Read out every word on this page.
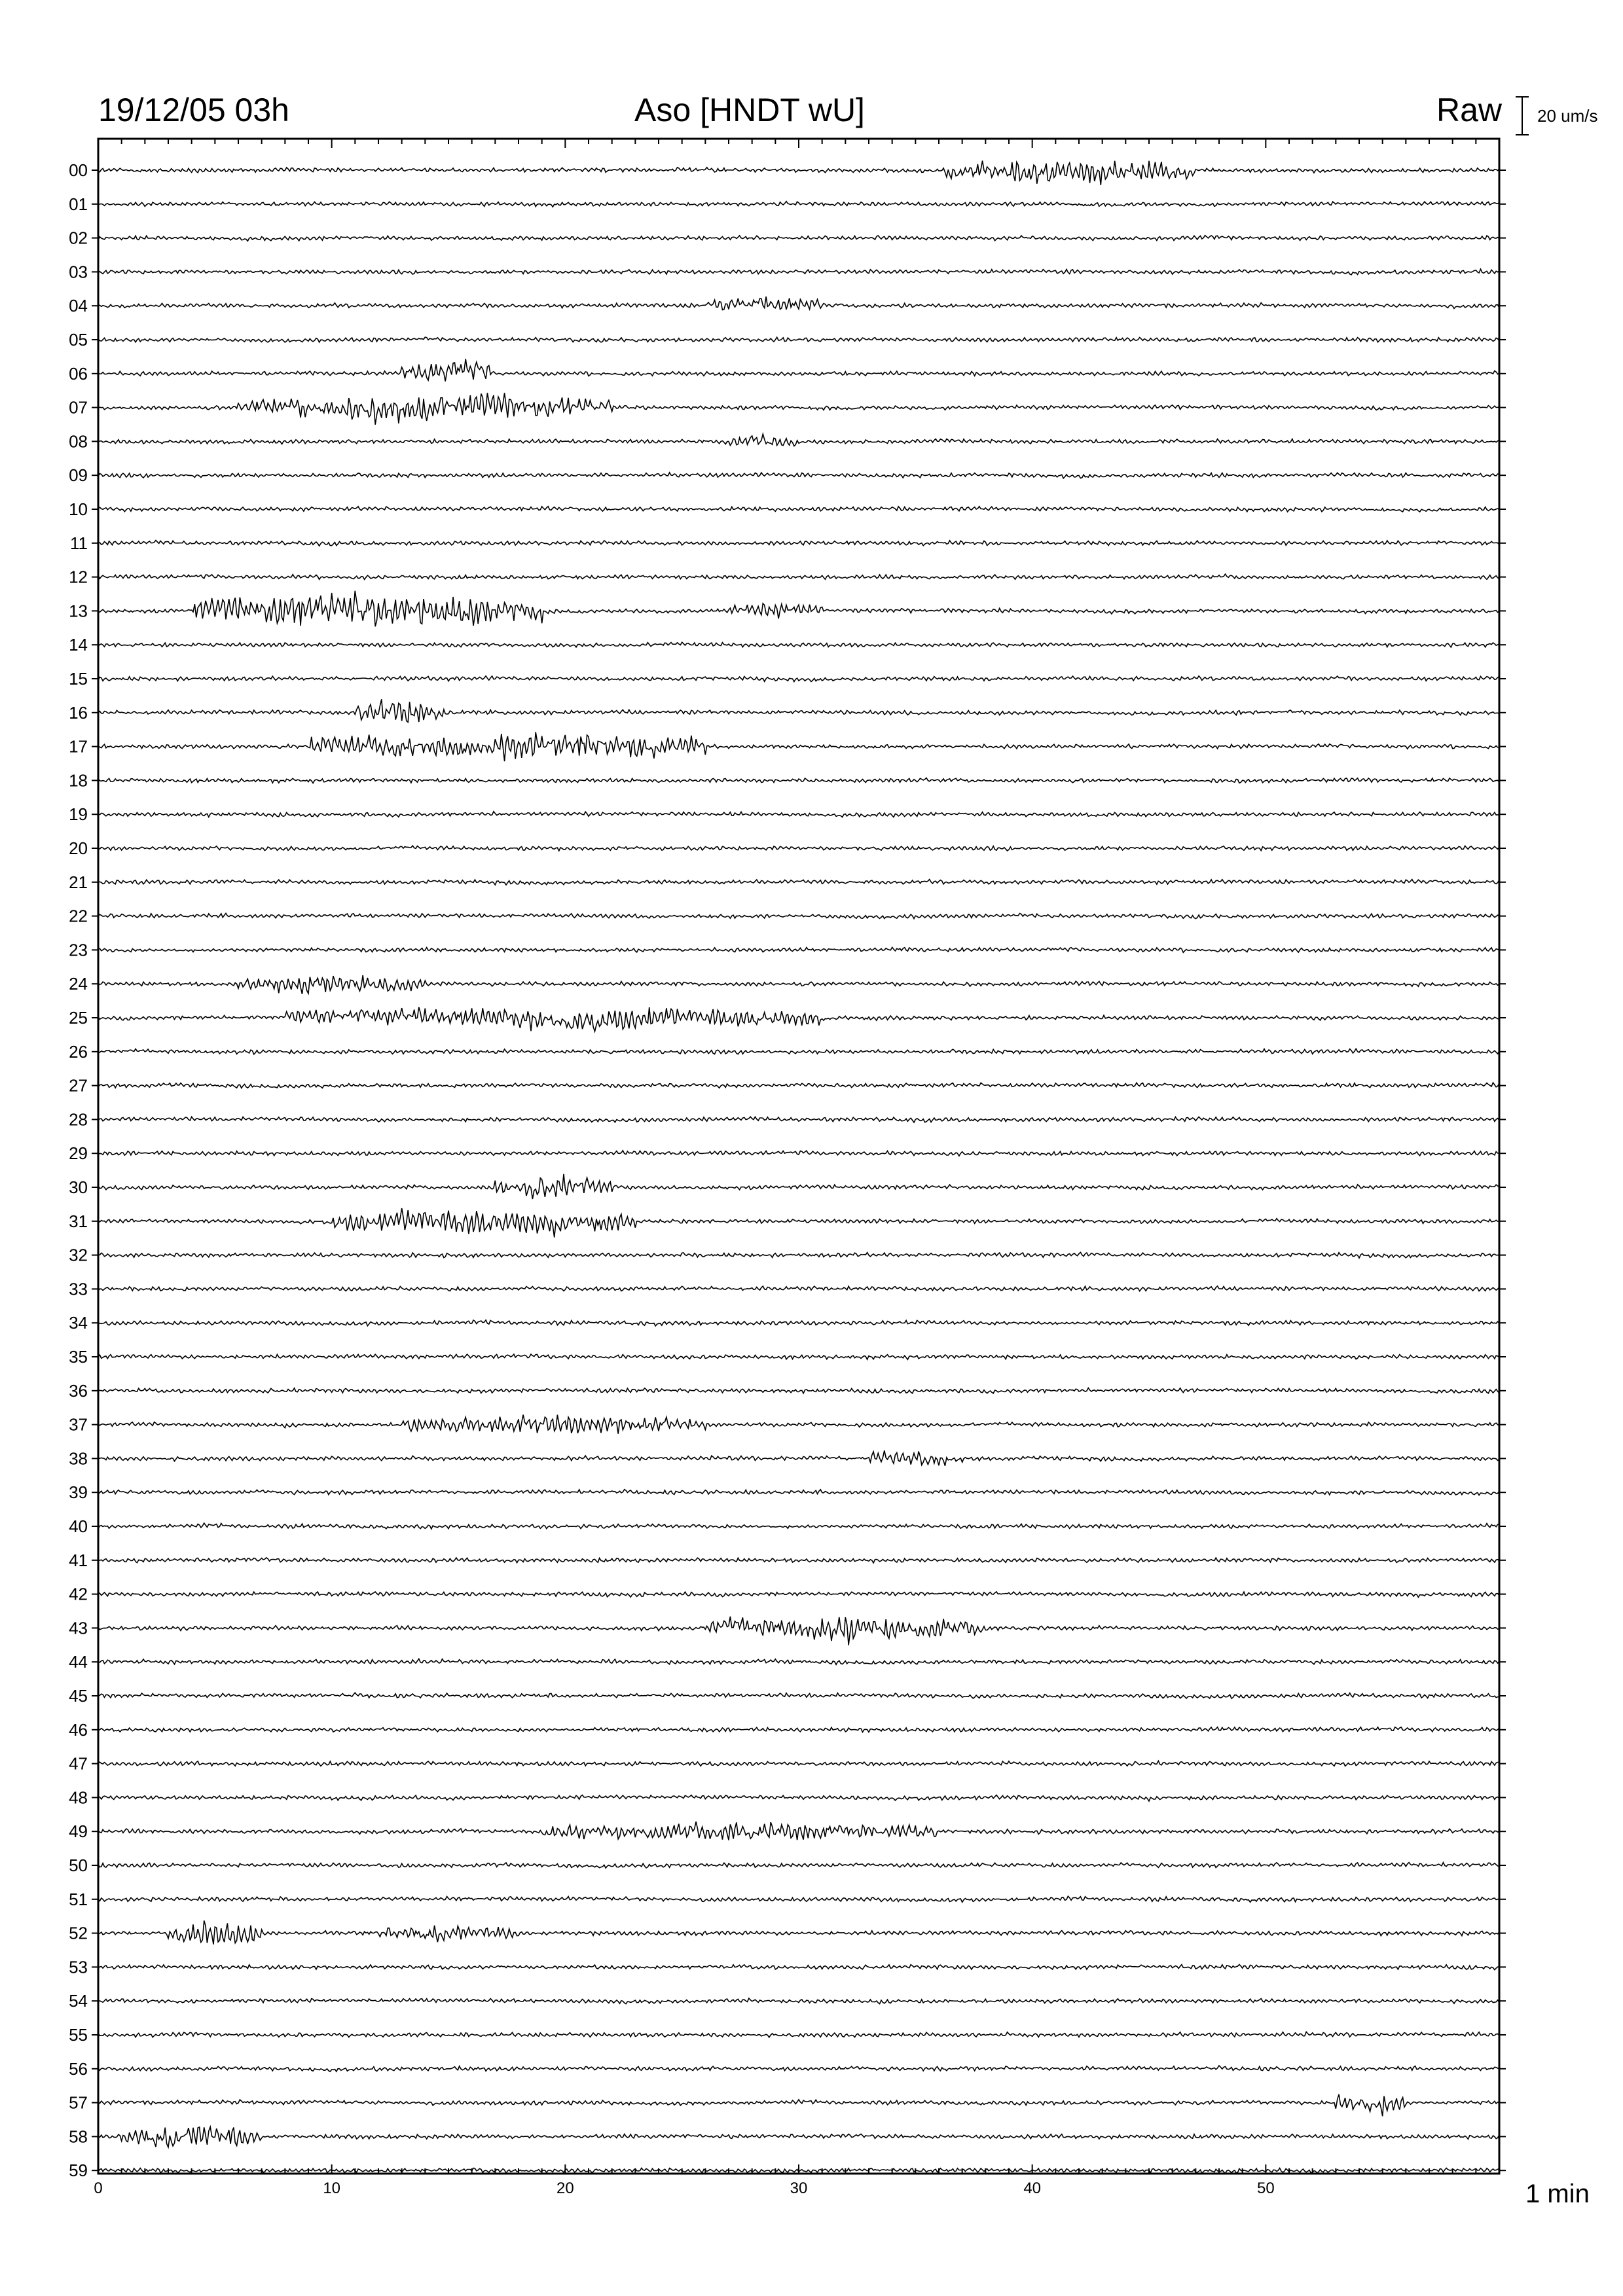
00
01
02
03
04
05
06
07
08
09
10
11
12
13
14
15
16
17
18
19
20
21
22
23
24
25
26
27
28
29
30
31
32
33
34
35
36
37
38
39
40
41
42
43
44
45
46
47
48
49
50
51
52
53
54
55
56
57
58
59
0	10	20	30	40	50
19/12/05 03h	Aso [HNDT wU]	Raw 20 um/s
1 min
